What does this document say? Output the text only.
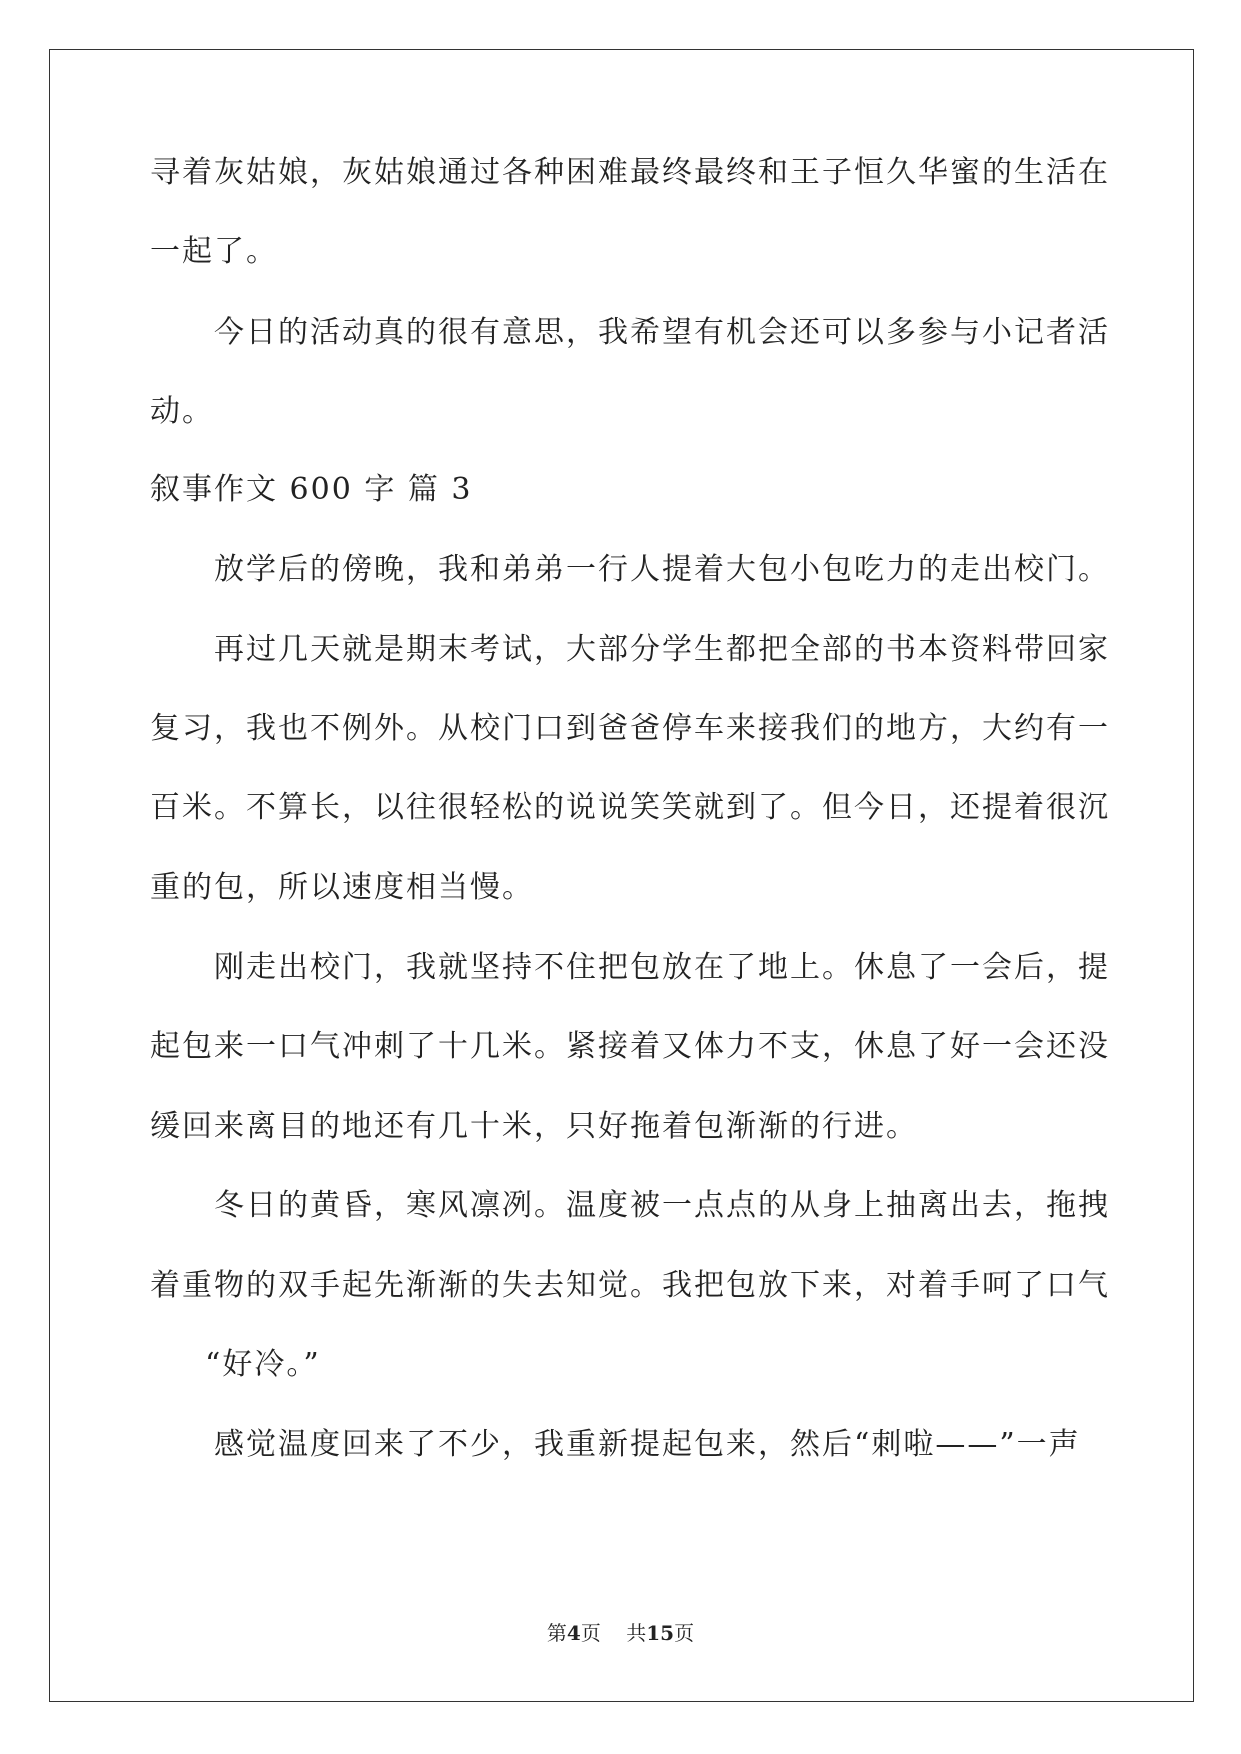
寻着灰姑娘，灰姑娘通过各种困难最终最终和王子恒久华蜜的生活在
一起了。
今日的活动真的很有意思，我希望有机会还可以多参与小记者活
动。
叙事作文 600 字 篇 3
放学后的傍晚，我和弟弟一行人提着大包小包吃力的走出校门。
再过几天就是期末考试，大部分学生都把全部的书本资料带回家
复习，我也不例外。从校门口到爸爸停车来接我们的地方，大约有一
百米。不算长，以往很轻松的说说笑笑就到了。但今日，还提着很沉
重的包，所以速度相当慢。
刚走出校门，我就坚持不住把包放在了地上。休息了一会后，提
起包来一口气冲刺了十几米。紧接着又体力不支，休息了好一会还没
缓回来离目的地还有几十米，只好拖着包渐渐的行进。
冬日的黄昏，寒风凛冽。温度被一点点的从身上抽离出去，拖拽
着重物的双手起先渐渐的失去知觉。我把包放下来，对着手呵了口气
“好冷。”
感觉温度回来了不少，我重新提起包来，然后“刺啦——”一声
第4页 共15页
